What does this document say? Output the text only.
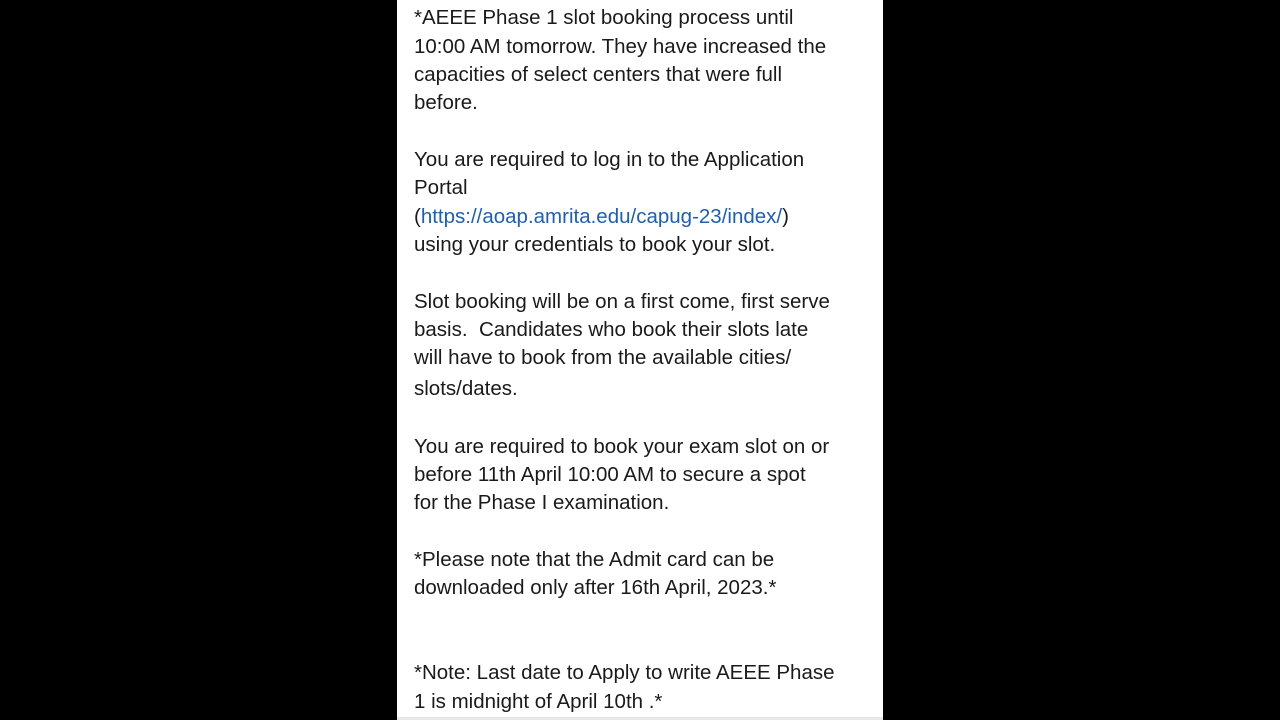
*AEEE Phase 1 slot booking process until
10:00 AM tomorrow. They have increased the
capacities of select centers that were full
before.
You are required to log in to the Application
Portal
(https://aoap.amrita.edu/capug-23/index/)
using your credentials to book your slot.
Slot booking will be on a first come, first serve
basis.  Candidates who book their slots late
will have to book from the available cities/
slots/dates.
You are required to book your exam slot on or
before 11th April 10:00 AM to secure a spot
for the Phase I examination.
*Please note that the Admit card can be
downloaded only after 16th April, 2023.*
*Note: Last date to Apply to write AEEE Phase
1 is midnight of April 10th .*
